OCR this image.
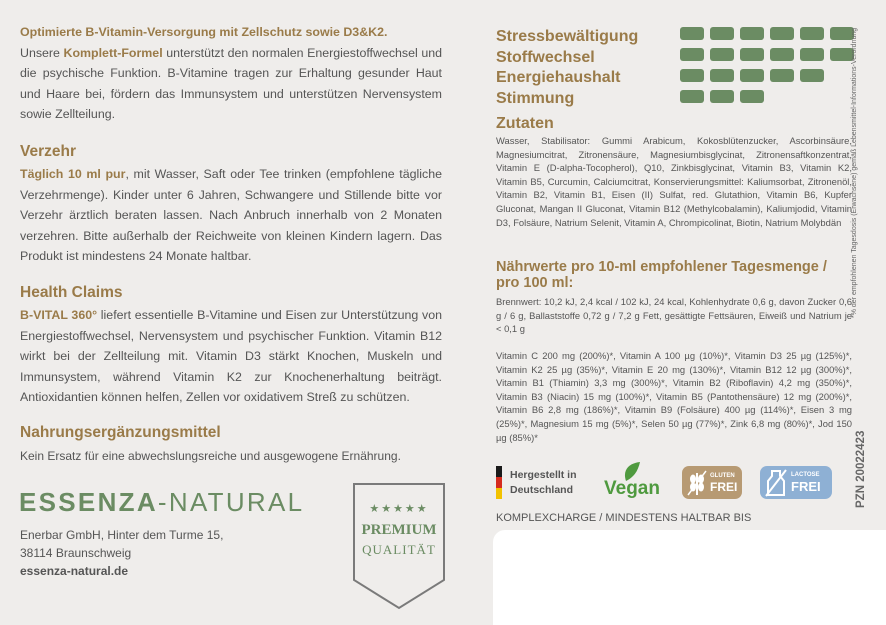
Optimierte B-Vitamin-Versorgung mit Zellschutz sowie D3&K2.
Unsere Komplett-Formel unterstützt den normalen Energiestoffwechsel und die psychische Funktion. B-Vitamine tragen zur Erhaltung gesunder Haut und Haare bei, fördern das Immunsystem und unterstützen Nervensystem sowie Zellteilung.
Verzehr
Täglich 10 ml pur, mit Wasser, Saft oder Tee trinken (empfohlene tägliche Verzehrmenge). Kinder unter 6 Jahren, Schwangere und Stillende bitte vor Verzehr ärztlich beraten lassen. Nach Anbruch innerhalb von 2 Monaten verzehren. Bitte außerhalb der Reichweite von kleinen Kindern lagern. Das Produkt ist mindestens 24 Monate haltbar.
Health Claims
B-VITAL 360° liefert essentielle B-Vitamine und Eisen zur Unterstützung von Energiestoffwechsel, Nervensystem und psychischer Funktion. Vitamin B12 wirkt bei der Zellteilung mit. Vitamin D3 stärkt Knochen, Muskeln und Immunsystem, während Vitamin K2 zur Knochenerhaltung beiträgt. Antioxidantien können helfen, Zellen vor oxidativem Streß zu schützen.
Nahrungsergänzungsmittel
Kein Ersatz für eine abwechslungsreiche und ausgewogene Ernährung.
ESSENZA-NATURAL
Enerbar GmbH, Hinter dem Turme 15,
38114 Braunschweig
essenza-natural.de
★★★★★
PREMIUM
QUALITÄT
Stressbewältigung
Stoffwechsel
Energiehaushalt
Stimmung
Zutaten
Wasser, Stabilisator: Gummi Arabicum, Kokosblütenzucker, Ascorbinsäure, Magnesiumcitrat, Zitronensäure, Magnesiumbisglycinat, Zitronensaftkonzentrat, Vitamin E (D-alpha-Tocopherol), Q10, Zinkbisglycinat, Vitamin B3, Vitamin K2, Vitamin B5, Curcumin, Calciumcitrat, Konservierungsmittel: Kaliumsorbat, Zitronenöl, Vitamin B2, Vitamin B1, Eisen (II) Sulfat, red. Glutathion, Vitamin B6, Kupfer Gluconat, Mangan II Gluconat, Vitamin B12 (Methylcobalamin), Kaliumjodid, Vitamin D3, Folsäure, Natrium Selenit, Vitamin A, Chrompicolinat, Biotin, Natrium Molybdän
Nährwerte pro 10-ml empfohlener Tagesmenge / pro 100 ml:
Brennwert: 10,2 kJ, 2,4 kcal / 102 kJ, 24 kcal, Kohlenhydrate 0,6 g, davon Zucker 0,6 g / 6 g, Ballaststoffe 0,72 g / 7,2 g Fett, gesättigte Fettsäuren, Eiweiß und Natrium je < 0,1 g
Vitamin C 200 mg (200%)*, Vitamin A 100 µg (10%)*, Vitamin D3 25 µg (125%)*, Vitamin K2 25 µg (35%)*, Vitamin E 20 mg (130%)*, Vitamin B12 12 µg (300%)*, Vitamin B1 (Thiamin) 3,3 mg (300%)*, Vitamin B2 (Riboflavin) 4,2 mg (350%)*, Vitamin B3 (Niacin) 15 mg (100%)*, Vitamin B5 (Pantothensäure) 12 mg (200%)*, Vitamin B6 2,8 mg (186%)*, Vitamin B9 (Folsäure) 400 µg (114%)*, Eisen 3 mg (25%)*, Magnesium 15 mg (5%)*, Selen 50 µg (77%)*, Zink 6,8 mg (80%)*, Jod 150 µg (85%)*
Hergestellt in Deutschland	Vegan
GLUTEN
FREI
LACTOSE
FREI
KOMPLEXCHARGE / MINDESTENS HALTBAR BIS
*% der empfohlenen Tagesdosis (Erwachsene) gemäß Lebensmittel-Informations-Verordnung
PZN 20022423
